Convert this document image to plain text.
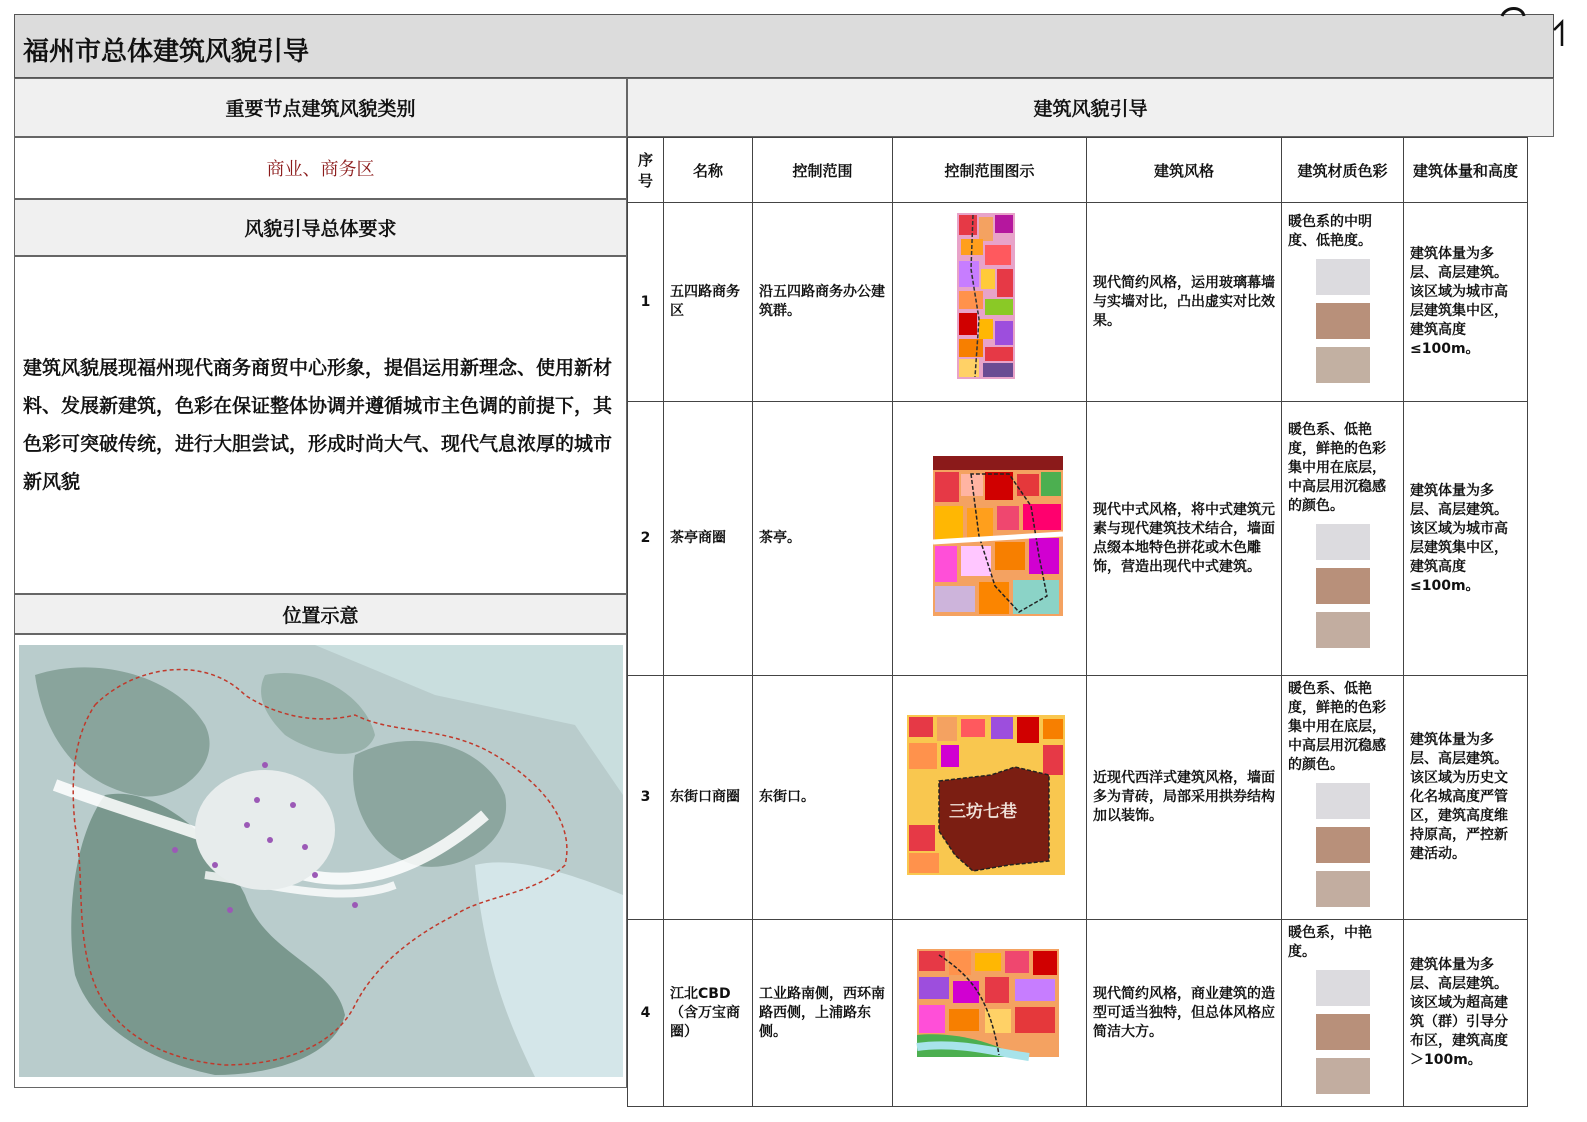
福州市总体建筑风貌引导
重要节点建筑风貌类别
商业、商务区
风貌引导总体要求
建筑风貌展现福州现代商务商贸中心形象，提倡运用新理念、使用新材料、发展新建筑，色彩在保证整体协调并遵循城市主色调的前提下，其色彩可突破传统，进行大胆尝试，形成时尚大气、现代气息浓厚的城市新风貌
位置示意
建筑风貌引导
序号	名称	控制范围	控制范围图示	建筑风格	建筑材质色彩	建筑体量和高度
1	五四路商务区	沿五四路商务办公建筑群。		现代简约风格，运用玻璃幕墙与实墙对比，凸出虚实对比效果。	暖色系的中明度、低艳度。	建筑体量为多层、高层建筑。该区域为城市高层建筑集中区，建筑高度≤100m。
2	茶亭商圈	茶亭。		现代中式风格，将中式建筑元素与现代建筑技术结合，墙面点缀本地特色拼花或木色雕饰，营造出现代中式建筑。	暖色系、低艳度，鲜艳的色彩集中用在底层，中高层用沉稳感的颜色。	建筑体量为多层、高层建筑。该区域为城市高层建筑集中区，建筑高度≤100m。
3	东街口商圈	东街口。	三坊七巷	近现代西洋式建筑风格，墙面多为青砖，局部采用拱券结构加以装饰。	暖色系、低艳度，鲜艳的色彩集中用在底层，中高层用沉稳感的颜色。	建筑体量为多层、高层建筑。该区域为历史文化名城高度严管区，建筑高度维持原高，严控新建活动。
4	江北CBD（含万宝商圈）	工业路南侧，西环南路西侧，上浦路东侧。		现代简约风格，商业建筑的造型可适当独特，但总体风格应简洁大方。	暖色系，中艳度。	建筑体量为多层、高层建筑。该区域为超高建筑（群）引导分布区，建筑高度＞100m。
